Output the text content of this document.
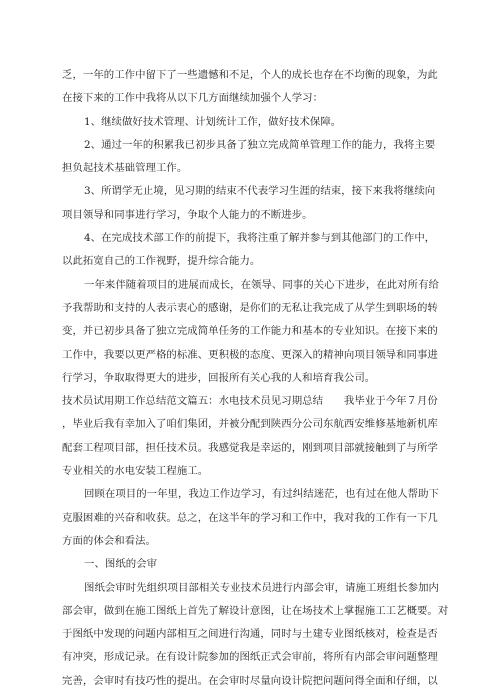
乏，一年的工作中留下了一些遗憾和不足，个人的成长也存在不均衡的现象，为此

在接下来的工作中我将从以下几方面继续加强个人学习：

1、继续做好技术管理、计划统计工作，做好技术保障。

2、通过一年的积累我已初步具备了独立完成简单管理工作的能力，我将主要

担负起技术基础管理工作。

3、所谓学无止境，见习期的结束不代表学习生涯的结束，接下来我将继续向

项目领导和同事进行学习，争取个人能力的不断进步。

4、在完成技术部工作的前提下，我将注重了解并参与到其他部门的工作中，

以此拓宽自己的工作视野，提升综合能力。

一年来伴随着项目的进展而成长，在领导、同事的关心下进步，在此对所有给

予我帮助和支持的人表示衷心的感谢，是你们的无私让我完成了从学生到职场的转

变，并已初步具备了独立完成简单任务的工作能力和基本的专业知识。在接下来的

工作中，我要以更严格的标准、更积极的态度、更深入的精神向项目领导和同事进

行学习，争取取得更大的进步，回报所有关心我的人和培育我公司。

技术员试用期工作总结范文篇五：水电技术员见习期总结　　我毕业于今年７月份

，毕业后我有幸加入了咱们集团，并被分配到陕西分公司东航西安维修基地新机库

配套工程项目部，担任技术员。我感觉我是幸运的，刚到项目部就接触到了与所学

专业相关的水电安装工程施工。

回顾在项目的一年里，我边工作边学习，有过纠结迷茫，也有过在他人帮助下

克服困难的兴奋和收获。总之，在这半年的学习和工作中，我对我的工作有一下几

方面的体会和看法。

一、图纸的会审

图纸会审时先组织项目部相关专业技术员进行内部会审，请施工班组长参加内

部会审，做到在施工图纸上首先了解设计意图，让在场技术上掌握施工工艺概要。对

于图纸中发现的问题内部相互之间进行沟通，同时与土建专业图纸核对，检查是否

有冲突，形成记录。在有设计院参加的图纸正式会审前，将所有内部会审问题整理

完善，会审时有技巧性的提出。在会审时尽量向设计院把问题问得全面和仔细，以
